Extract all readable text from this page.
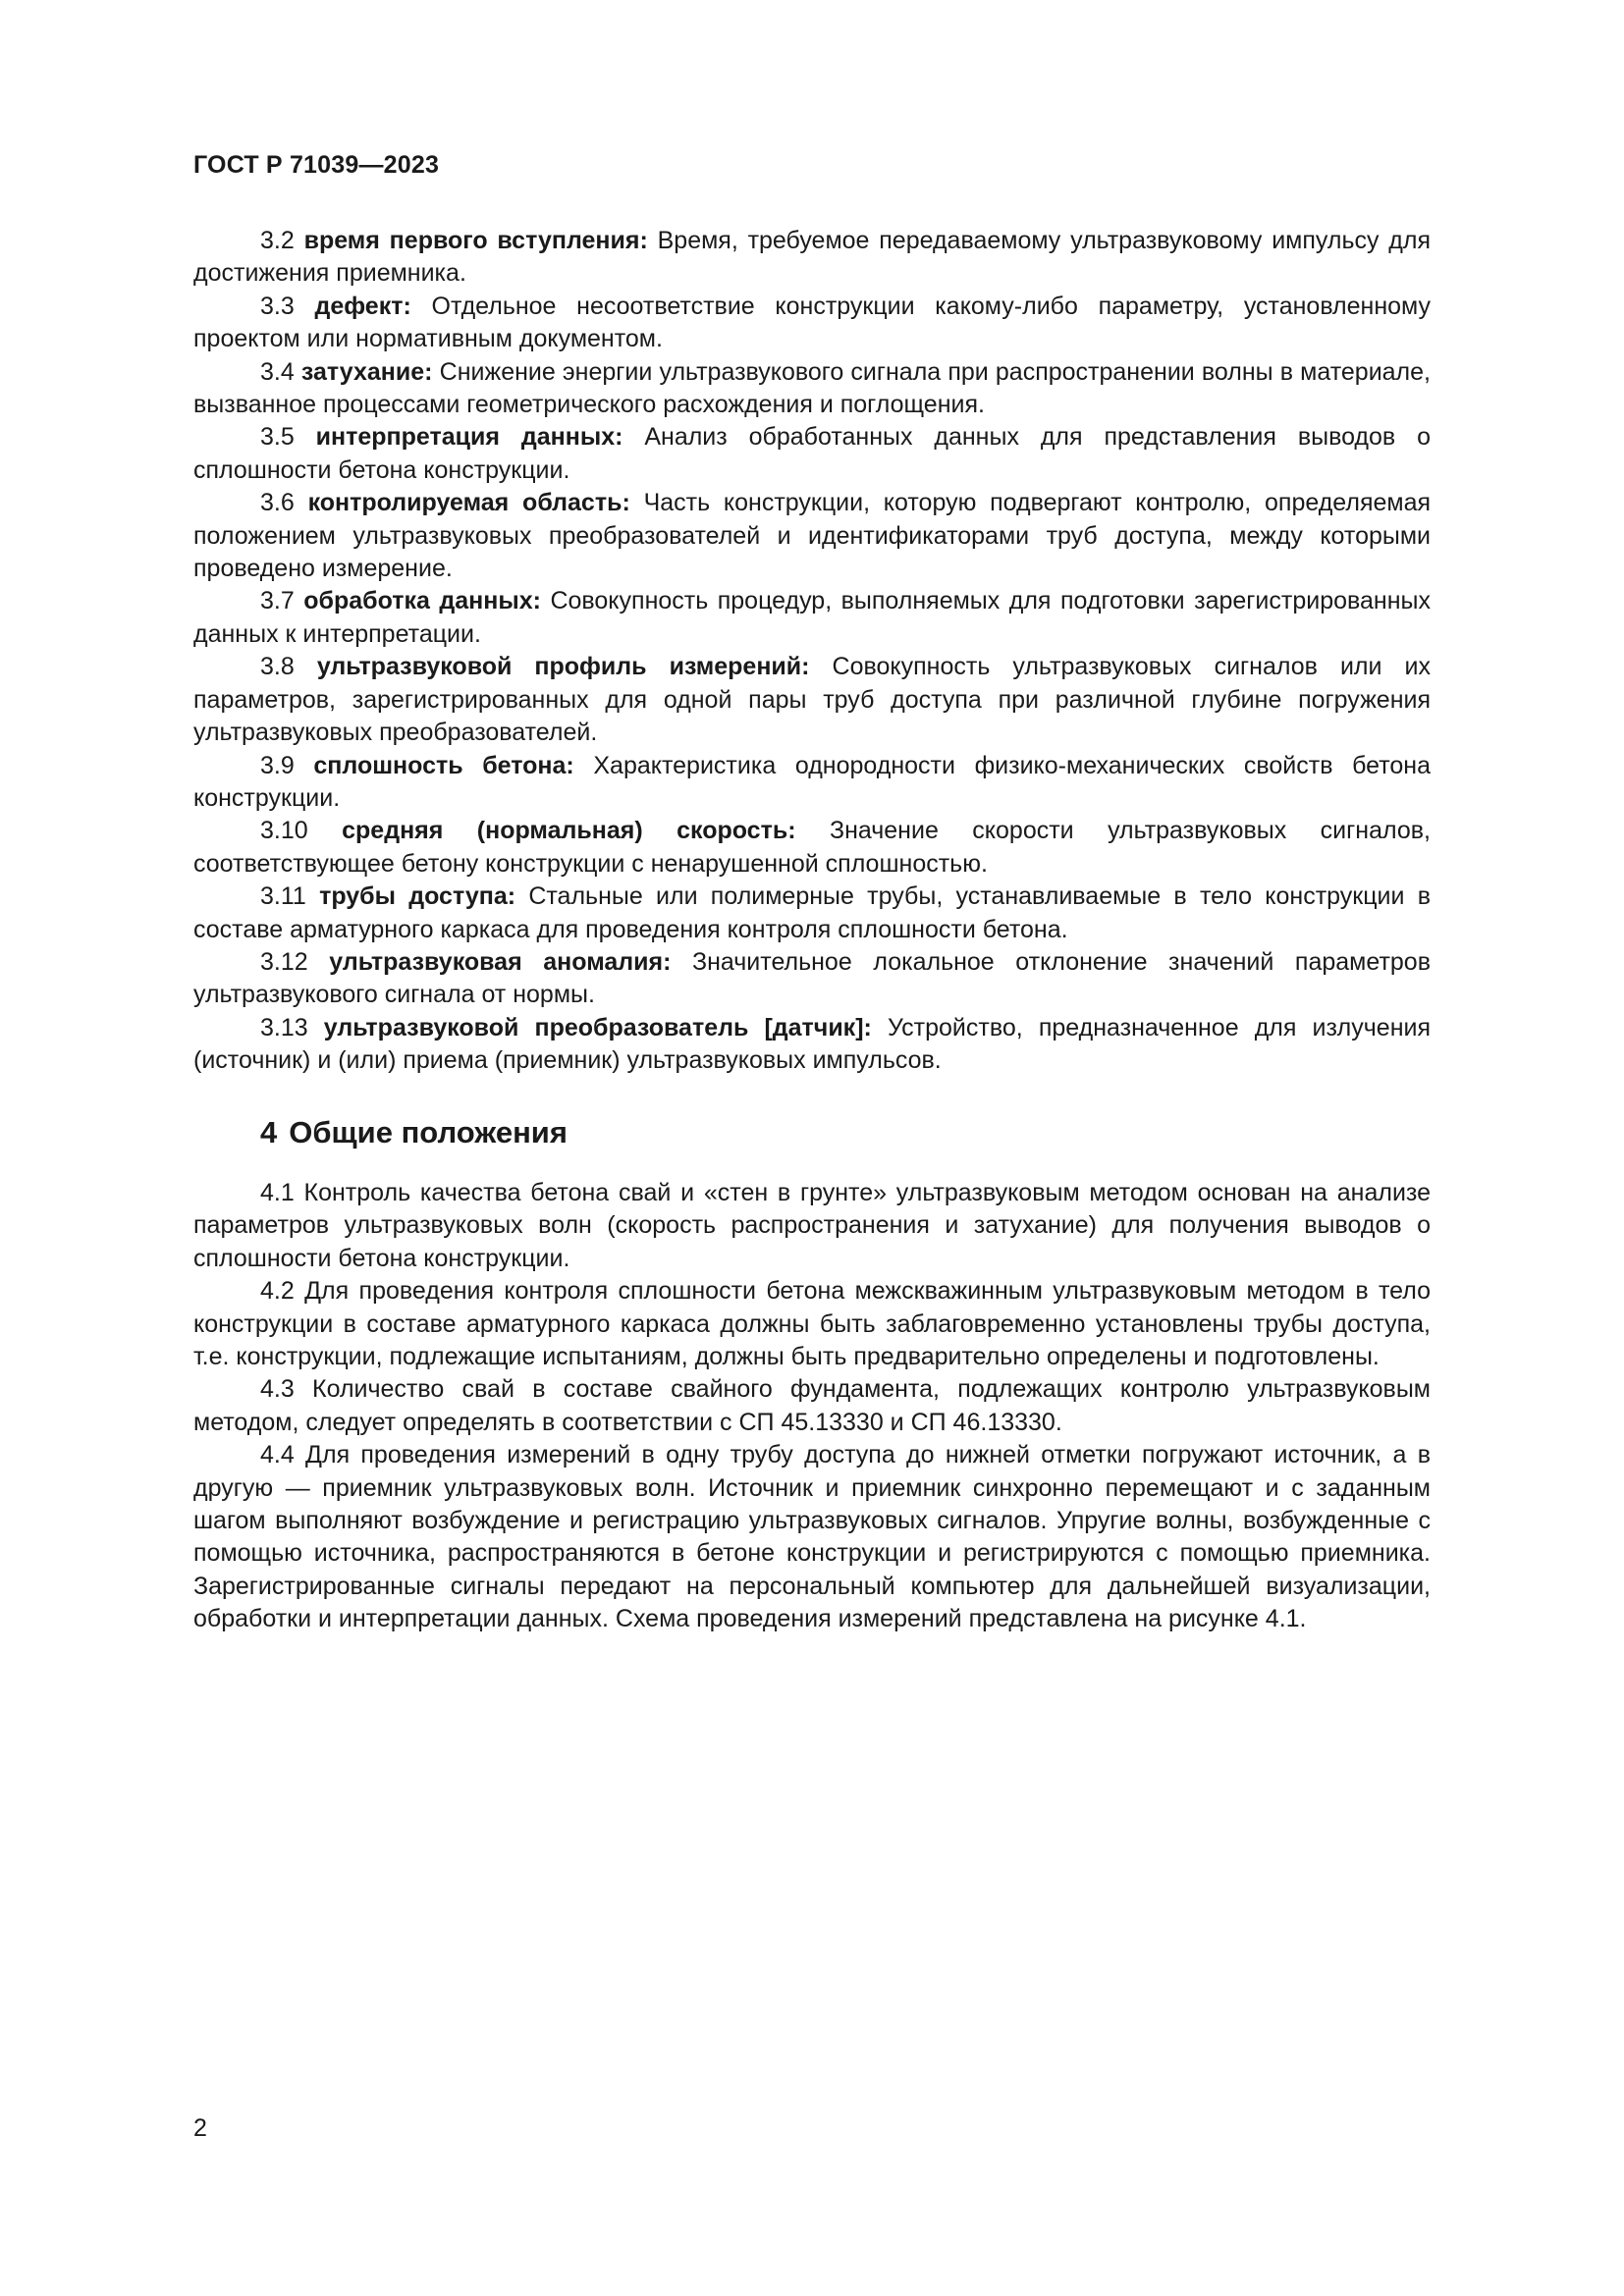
ГОСТ Р 71039—2023

3.2 время первого вступления: Время, требуемое передаваемому ультразвуковому импульсу для достижения приемника.

3.3 дефект: Отдельное несоответствие конструкции какому-либо параметру, установленному проектом или нормативным документом.

3.4 затухание: Снижение энергии ультразвукового сигнала при распространении волны в материале, вызванное процессами геометрического расхождения и поглощения.

3.5 интерпретация данных: Анализ обработанных данных для представления выводов о сплошности бетона конструкции.

3.6 контролируемая область: Часть конструкции, которую подвергают контролю, определяемая положением ультразвуковых преобразователей и идентификаторами труб доступа, между которыми проведено измерение.

3.7 обработка данных: Совокупность процедур, выполняемых для подготовки зарегистрированных данных к интерпретации.

3.8 ультразвуковой профиль измерений: Совокупность ультразвуковых сигналов или их параметров, зарегистрированных для одной пары труб доступа при различной глубине погружения ультразвуковых преобразователей.

3.9 сплошность бетона: Характеристика однородности физико-механических свойств бетона конструкции.

3.10 средняя (нормальная) скорость: Значение скорости ультразвуковых сигналов, соответствующее бетону конструкции с ненарушенной сплошностью.

3.11 трубы доступа: Стальные или полимерные трубы, устанавливаемые в тело конструкции в составе арматурного каркаса для проведения контроля сплошности бетона.

3.12 ультразвуковая аномалия: Значительное локальное отклонение значений параметров ультразвукового сигнала от нормы.

3.13 ультразвуковой преобразователь [датчик]: Устройство, предназначенное для излучения (источник) и (или) приема (приемник) ультразвуковых импульсов.

4 Общие положения

4.1 Контроль качества бетона свай и «стен в грунте» ультразвуковым методом основан на анализе параметров ультразвуковых волн (скорость распространения и затухание) для получения выводов о сплошности бетона конструкции.

4.2 Для проведения контроля сплошности бетона межскважинным ультразвуковым методом в тело конструкции в составе арматурного каркаса должны быть заблаговременно установлены трубы доступа, т.е. конструкции, подлежащие испытаниям, должны быть предварительно определены и подготовлены.

4.3 Количество свай в составе свайного фундамента, подлежащих контролю ультразвуковым методом, следует определять в соответствии с СП 45.13330 и СП 46.13330.

4.4 Для проведения измерений в одну трубу доступа до нижней отметки погружают источник, а в другую — приемник ультразвуковых волн. Источник и приемник синхронно перемещают и с заданным шагом выполняют возбуждение и регистрацию ультразвуковых сигналов. Упругие волны, возбужденные с помощью источника, распространяются в бетоне конструкции и регистрируются с помощью приемника. Зарегистрированные сигналы передают на персональный компьютер для дальнейшей визуализации, обработки и интерпретации данных. Схема проведения измерений представлена на рисунке 4.1.

2
